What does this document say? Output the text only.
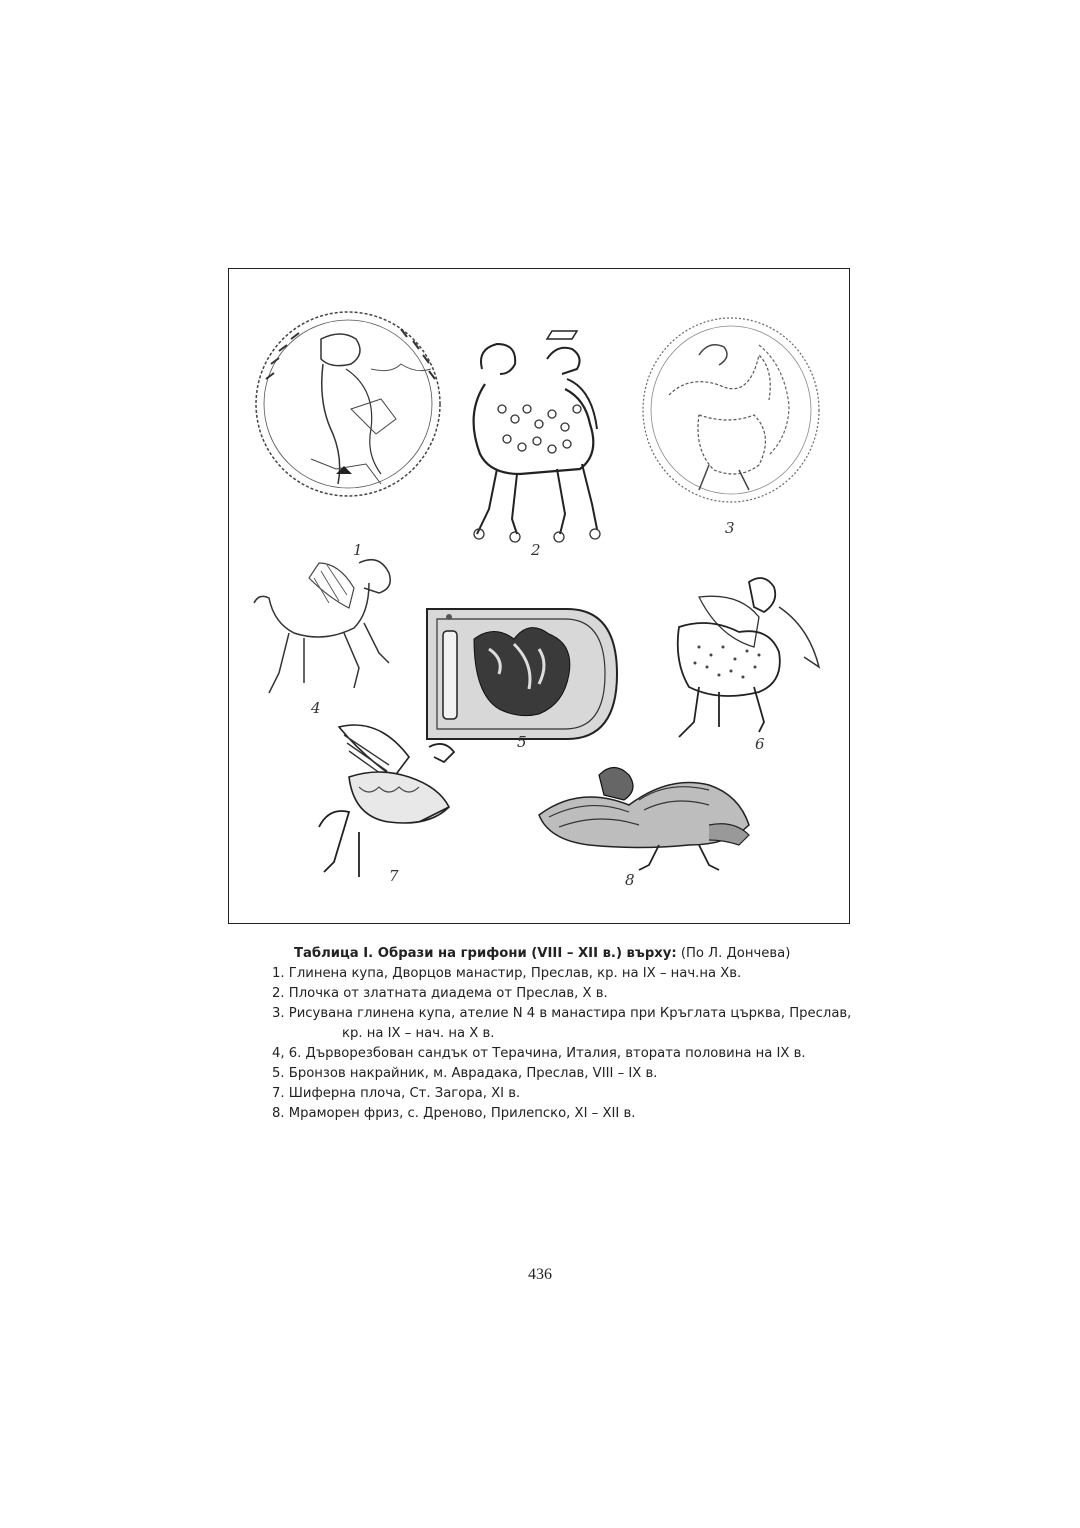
1	2
3
4
5	6
7	8
Таблица I. Образи на грифони (VIII – XII в.) върху: (По Л. Дончева)
1. Глинена купа, Дворцов манастир, Преслав, кр. на IX – нач.на Хв.
2. Плочка от златната диадема от Преслав, X в.
3. Рисувана глинена купа, ателие N 4 в манастира при Кръглата църква, Преслав,
кр. на IX – нач. на X в.
4, 6. Дърворезбован сандък от Терачина, Италия, втората половина на IX в.
5. Бронзов накрайник, м. Аврадака, Преслав, VIII – IX в.
7. Шиферна плоча, Ст. Загора, XI в.
8. Мраморен фриз, с. Дреново, Прилепско, XI – XII в.
436
